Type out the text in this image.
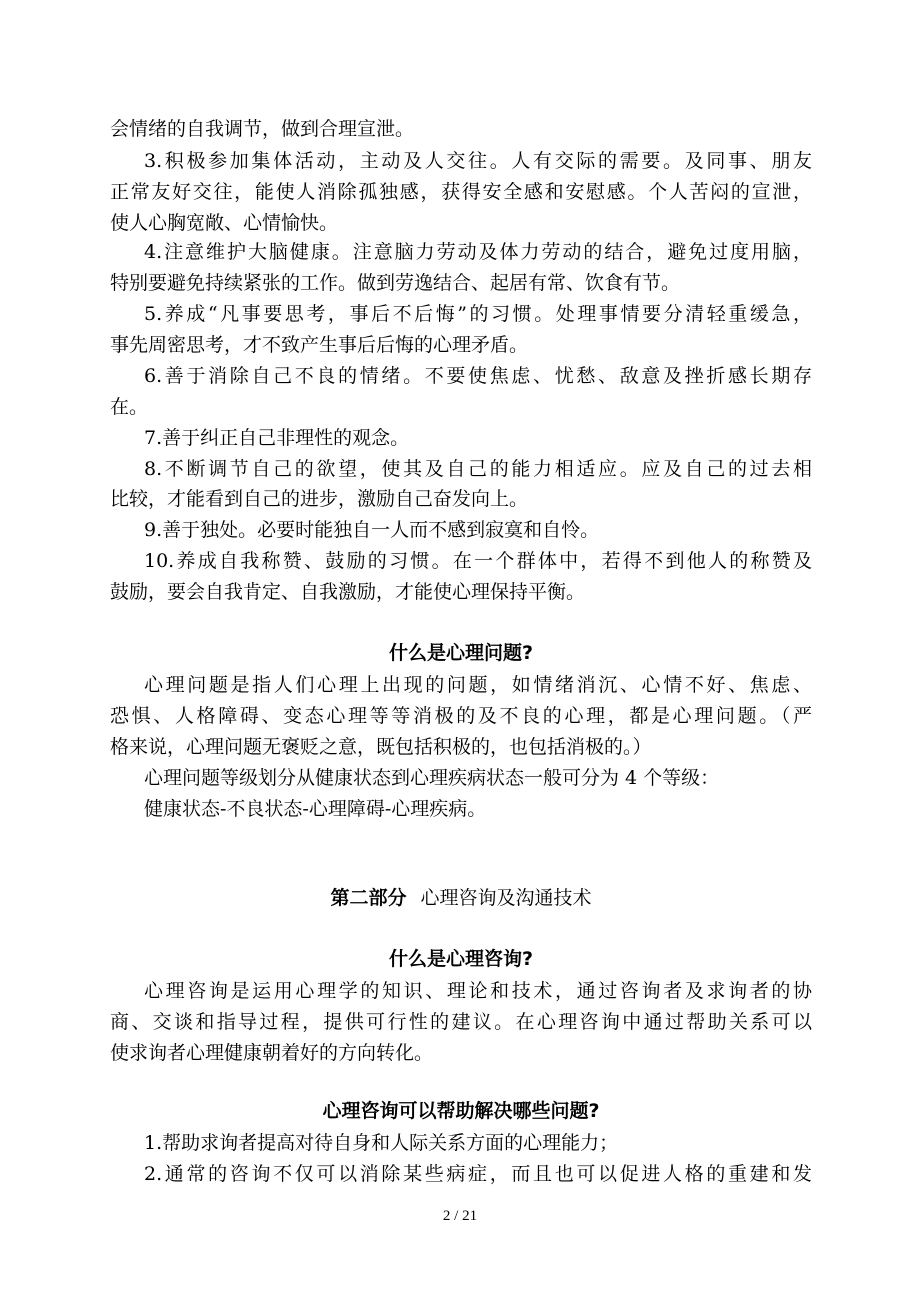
会情绪的自我调节，做到合理宣泄。
3.积极参加集体活动，主动及人交往。人有交际的需要。及同事、朋友
正常友好交往，能使人消除孤独感，获得安全感和安慰感。个人苦闷的宣泄，
使人心胸宽敞、心情愉快。
4.注意维护大脑健康。注意脑力劳动及体力劳动的结合，避免过度用脑，
特别要避免持续紧张的工作。做到劳逸结合、起居有常、饮食有节。
5.养成“凡事要思考，事后不后悔”的习惯。处理事情要分清轻重缓急，
事先周密思考，才不致产生事后后悔的心理矛盾。
6.善于消除自己不良的情绪。不要使焦虑、忧愁、敌意及挫折感长期存
在。
7.善于纠正自己非理性的观念。
8.不断调节自己的欲望，使其及自己的能力相适应。应及自己的过去相
比较，才能看到自己的进步，激励自己奋发向上。
9.善于独处。必要时能独自一人而不感到寂寞和自怜。
10.养成自我称赞、鼓励的习惯。在一个群体中，若得不到他人的称赞及
鼓励，要会自我肯定、自我激励，才能使心理保持平衡。
什么是心理问题?
心理问题是指人们心理上出现的问题，如情绪消沉、心情不好、焦虑、
恐惧、人格障碍、变态心理等等消极的及不良的心理，都是心理问题。（严
格来说，心理问题无褒贬之意，既包括积极的，也包括消极的。）
心理问题等级划分从健康状态到心理疾病状态一般可分为 4 个等级：
健康状态-不良状态-心理障碍-心理疾病。
第二部分 心理咨询及沟通技术
什么是心理咨询?
心理咨询是运用心理学的知识、理论和技术，通过咨询者及求询者的协
商、交谈和指导过程，提供可行性的建议。在心理咨询中通过帮助关系可以
使求询者心理健康朝着好的方向转化。
心理咨询可以帮助解决哪些问题?
1.帮助求询者提高对待自身和人际关系方面的心理能力；
2.通常的咨询不仅可以消除某些病症，而且也可以促进人格的重建和发
2 / 21
